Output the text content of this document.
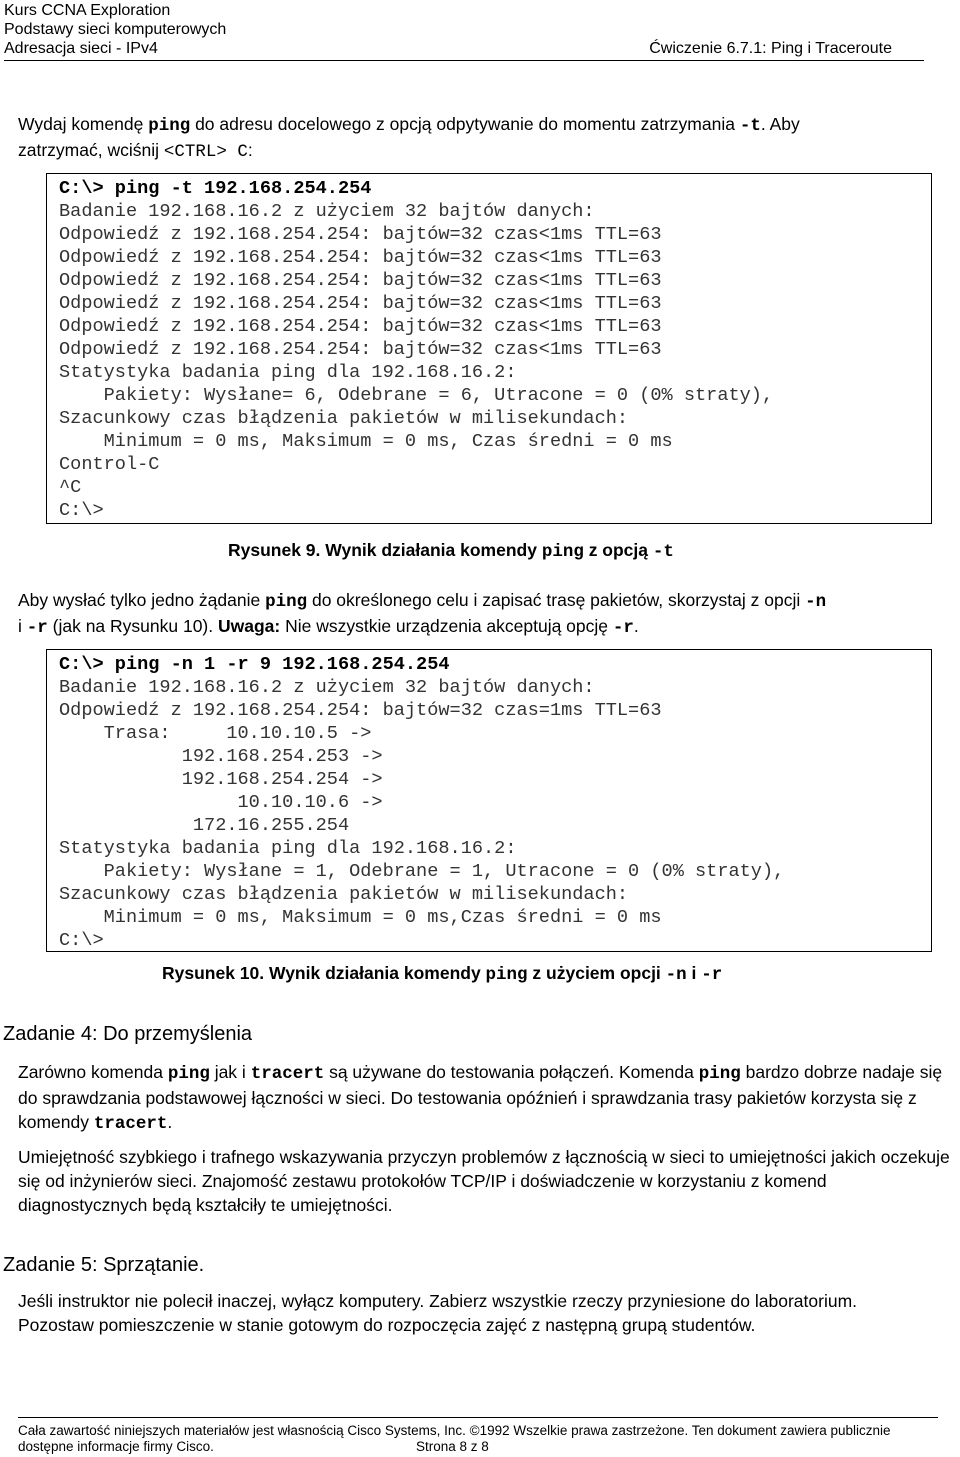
Kurs CCNA Exploration
Podstawy sieci komputerowych
Adresacja sieci - IPv4	Ćwiczenie 6.7.1: Ping i Traceroute
Wydaj komendę ping do adresu docelowego z opcją odpytywanie do momentu zatrzymania -t. Aby
zatrzymać, wciśnij <CTRL> C:
C:\> ping -t 192.168.254.254
Badanie 192.168.16.2 z użyciem 32 bajtów danych:
Odpowiedź z 192.168.254.254: bajtów=32 czas<1ms TTL=63
Odpowiedź z 192.168.254.254: bajtów=32 czas<1ms TTL=63
Odpowiedź z 192.168.254.254: bajtów=32 czas<1ms TTL=63
Odpowiedź z 192.168.254.254: bajtów=32 czas<1ms TTL=63
Odpowiedź z 192.168.254.254: bajtów=32 czas<1ms TTL=63
Odpowiedź z 192.168.254.254: bajtów=32 czas<1ms TTL=63
Statystyka badania ping dla 192.168.16.2:
Pakiety: Wysłane= 6, Odebrane = 6, Utracone = 0 (0% straty),
Szacunkowy czas błądzenia pakietów w milisekundach:
Minimum = 0 ms, Maksimum = 0 ms, Czas średni = 0 ms
Control-C
^C
C:\>
Rysunek 9. Wynik działania komendy ping z opcją -t
Aby wysłać tylko jedno żądanie ping do określonego celu i zapisać trasę pakietów, skorzystaj z opcji -n
i -r (jak na Rysunku 10). Uwaga: Nie wszystkie urządzenia akceptują opcję -r.
C:\> ping -n 1 -r 9 192.168.254.254
Badanie 192.168.16.2 z użyciem 32 bajtów danych:
Odpowiedź z 192.168.254.254: bajtów=32 czas=1ms TTL=63
Trasa:     10.10.10.5 ->
192.168.254.253 ->
192.168.254.254 ->
10.10.10.6 ->
172.16.255.254
Statystyka badania ping dla 192.168.16.2:
Pakiety: Wysłane = 1, Odebrane = 1, Utracone = 0 (0% straty),
Szacunkowy czas błądzenia pakietów w milisekundach:
Minimum = 0 ms, Maksimum = 0 ms,Czas średni = 0 ms
C:\>
Rysunek 10. Wynik działania komendy ping z użyciem opcji -n i -r
Zadanie 4: Do przemyślenia
Zarówno komenda ping jak i tracert są używane do testowania połączeń. Komenda ping bardzo dobrze nadaje się do sprawdzania podstawowej łączności w sieci. Do testowania opóźnień i sprawdzania trasy pakietów korzysta się z komendy tracert.
Umiejętność szybkiego i trafnego wskazywania przyczyn problemów z łącznością w sieci to umiejętności jakich oczekuje się od inżynierów sieci. Znajomość zestawu protokołów TCP/IP i doświadczenie w korzystaniu z komend diagnostycznych będą kształciły te umiejętności.
Zadanie 5: Sprzątanie.
Jeśli instruktor nie polecił inaczej, wyłącz komputery. Zabierz wszystkie rzeczy przyniesione do laboratorium. Pozostaw pomieszczenie w stanie gotowym do rozpoczęcia zajęć z następną grupą studentów.
Cała zawartość niniejszych materiałów jest własnością Cisco Systems, Inc. ©1992 Wszelkie prawa zastrzeżone. Ten dokument zawiera publicznie
dostępne informacje firmy Cisco.	Strona 8 z 8
